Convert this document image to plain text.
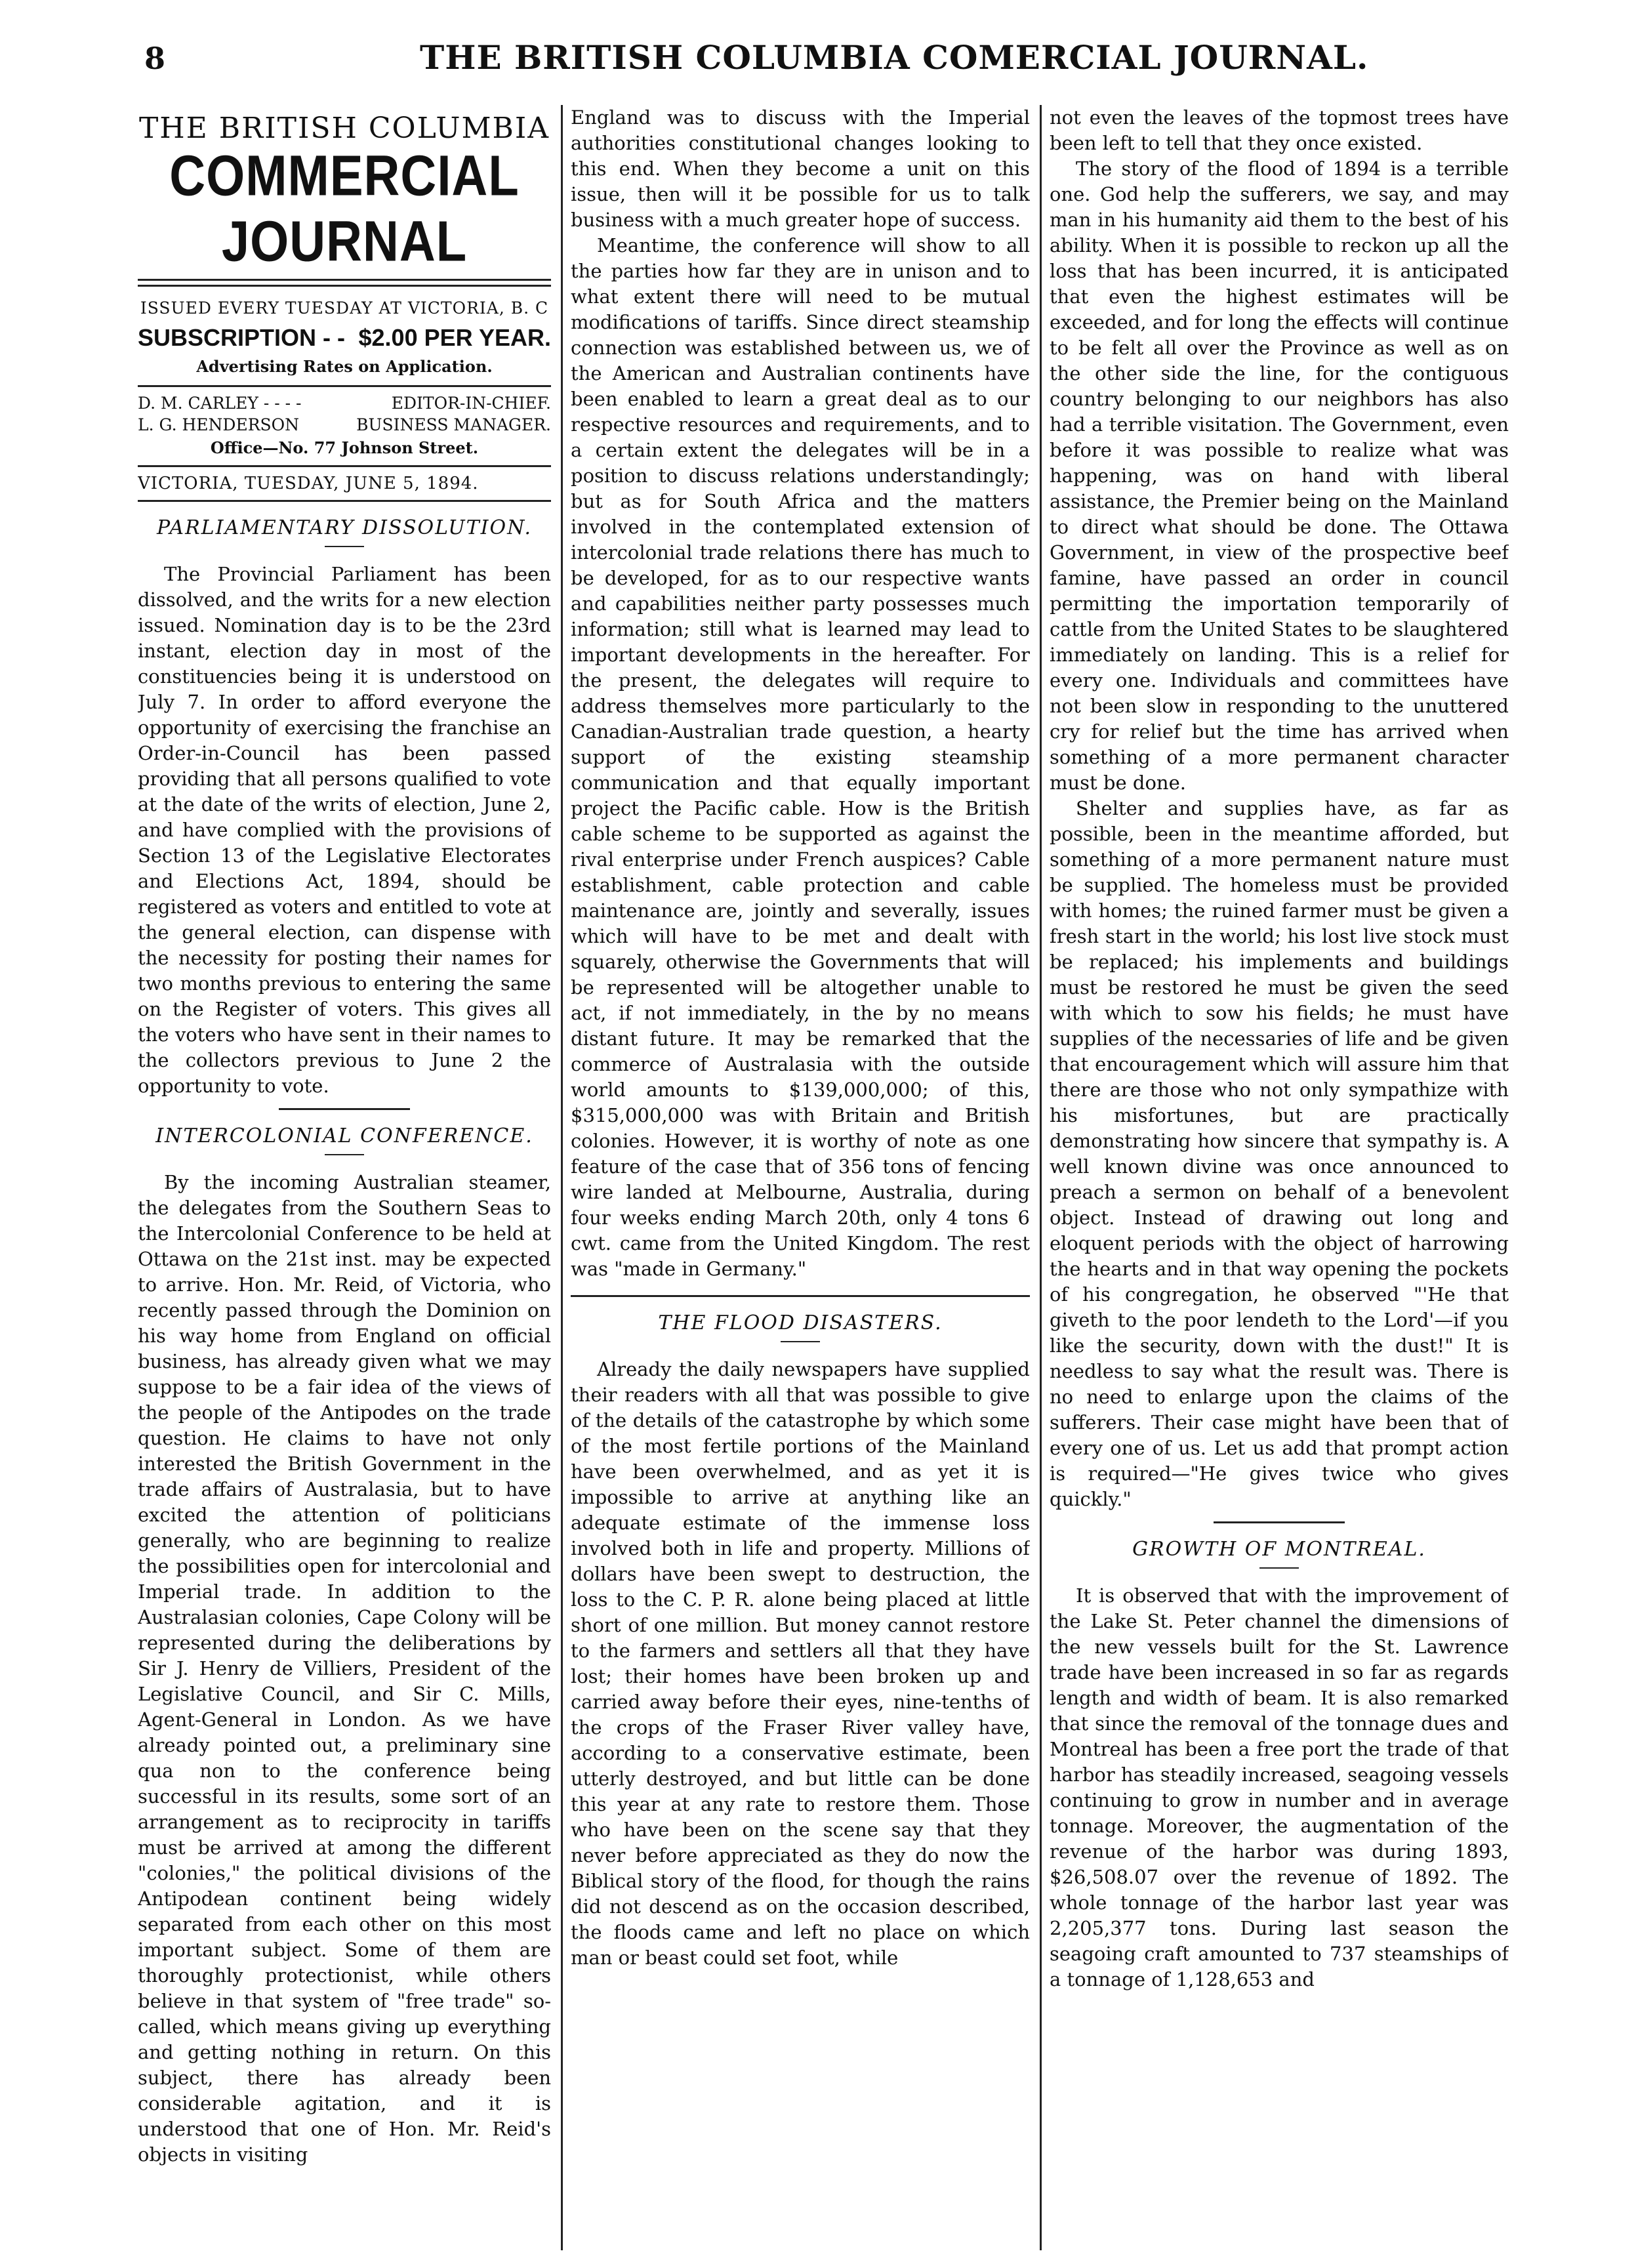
8	THE BRITISH COLUMBIA COMERCIAL JOURNAL.
THE BRITISH COLUMBIA
COMMERCIAL JOURNAL
ISSUED EVERY TUESDAY AT VICTORIA, B. C
SUBSCRIPTION - - $2.00 PER YEAR.
Advertising Rates on Application.
D. M. CARLEY - - - -	EDITOR-IN-CHIEF.
L. G. HENDERSON	BUSINESS MANAGER.
Office—No. 77 Johnson Street.
VICTORIA, TUESDAY, JUNE 5, 1894.
PARLIAMENTARY DISSOLUTION.

The Provincial Parliament has been dissolved, and the writs for a new election issued. Nomination day is to be the 23rd instant, election day in most of the constituencies being it is understood on July 7. In order to afford everyone the opportunity of exercising the franchise an Order-in-Council has been passed providing that all persons qualified to vote at the date of the writs of election, June 2, and have complied with the provisions of Section 13 of the Legislative Electorates and Elections Act, 1894, should be registered as voters and entitled to vote at the general election, can dispense with the necessity for posting their names for two months previous to entering the same on the Register of voters. This gives all the voters who have sent in their names to the collectors previous to June 2 the opportunity to vote.

INTERCOLONIAL CONFERENCE.

By the incoming Australian steamer, the delegates from the Southern Seas to the Intercolonial Conference to be held at Ottawa on the 21st inst. may be expected to arrive. Hon. Mr. Reid, of Victoria, who recently passed through the Dominion on his way home from England on official business, has already given what we may suppose to be a fair idea of the views of the people of the Antipodes on the trade question. He claims to have not only interested the British Government in the trade affairs of Australasia, but to have excited the attention of politicians generally, who are beginning to realize the possibilities open for intercolonial and Imperial trade. In addition to the Australasian colonies, Cape Colony will be represented during the deliberations by Sir J. Henry de Villiers, President of the Legislative Council, and Sir C. Mills, Agent-General in London. As we have already pointed out, a preliminary sine qua non to the conference being successful in its results, some sort of an arrangement as to reciprocity in tariffs must be arrived at among the different "colonies," the political divisions of the Antipodean continent being widely separated from each other on this most important subject. Some of them are thoroughly protectionist, while others believe in that system of "free trade" so-called, which means giving up everything and getting nothing in return. On this subject, there has already been considerable agitation, and it is understood that one of Hon. Mr. Reid's objects in visiting

England was to discuss with the Imperial authorities constitutional changes looking to this end. When they become a unit on this issue, then will it be possible for us to talk business with a much greater hope of success.

Meantime, the conference will show to all the parties how far they are in unison and to what extent there will need to be mutual modifications of tariffs. Since direct steamship connection was established between us, we of the American and Australian continents have been enabled to learn a great deal as to our respective resources and requirements, and to a certain extent the delegates will be in a position to discuss relations understandingly; but as for South Africa and the matters involved in the contemplated extension of intercolonial trade relations there has much to be developed, for as to our respective wants and capabilities neither party possesses much information; still what is learned may lead to important developments in the hereafter. For the present, the delegates will require to address themselves more particularly to the Canadian-Australian trade question, a hearty support of the existing steamship communication and that equally important project the Pacific cable. How is the British cable scheme to be supported as against the rival enterprise under French auspices? Cable establishment, cable protection and cable maintenance are, jointly and severally, issues which will have to be met and dealt with squarely, otherwise the Governments that will be represented will be altogether unable to act, if not immediately, in the by no means distant future. It may be remarked that the commerce of Australasia with the outside world amounts to $139,000,000; of this, $315,000,000 was with Britain and British colonies. However, it is worthy of note as one feature of the case that of 356 tons of fencing wire landed at Melbourne, Australia, during four weeks ending March 20th, only 4 tons 6 cwt. came from the United Kingdom. The rest was "made in Germany."

THE FLOOD DISASTERS.

Already the daily newspapers have supplied their readers with all that was possible to give of the details of the catastrophe by which some of the most fertile portions of the Mainland have been overwhelmed, and as yet it is impossible to arrive at anything like an adequate estimate of the immense loss involved both in life and property. Millions of dollars have been swept to destruction, the loss to the C. P. R. alone being placed at little short of one million. But money cannot restore to the farmers and settlers all that they have lost; their homes have been broken up and carried away before their eyes, nine-tenths of the crops of the Fraser River valley have, according to a conservative estimate, been utterly destroyed, and but little can be done this year at any rate to restore them. Those who have been on the scene say that they never before appreciated as they do now the Biblical story of the flood, for though the rains did not descend as on the occasion described, the floods came and left no place on which man or beast could set foot, while

not even the leaves of the topmost trees have been left to tell that they once existed.

The story of the flood of 1894 is a terrible one. God help the sufferers, we say, and may man in his humanity aid them to the best of his ability. When it is possible to reckon up all the loss that has been incurred, it is anticipated that even the highest estimates will be exceeded, and for long the effects will continue to be felt all over the Province as well as on the other side the line, for the contiguous country belonging to our neighbors has also had a terrible visitation. The Government, even before it was possible to realize what was happening, was on hand with liberal assistance, the Premier being on the Mainland to direct what should be done. The Ottawa Government, in view of the prospective beef famine, have passed an order in council permitting the importation temporarily of cattle from the United States to be slaughtered immediately on landing. This is a relief for every one. Individuals and committees have not been slow in responding to the unuttered cry for relief but the time has arrived when something of a more permanent character must be done.

Shelter and supplies have, as far as possible, been in the meantime afforded, but something of a more permanent nature must be supplied. The homeless must be provided with homes; the ruined farmer must be given a fresh start in the world; his lost live stock must be replaced; his implements and buildings must be restored he must be given the seed with which to sow his fields; he must have supplies of the necessaries of life and be given that encouragement which will assure him that there are those who not only sympathize with his misfortunes, but are practically demonstrating how sincere that sympathy is. A well known divine was once announced to preach a sermon on behalf of a benevolent object. Instead of drawing out long and eloquent periods with the object of harrowing the hearts and in that way opening the pockets of his congregation, he observed "'He that giveth to the poor lendeth to the Lord'—if you like the security, down with the dust!" It is needless to say what the result was. There is no need to enlarge upon the claims of the sufferers. Their case might have been that of every one of us. Let us add that prompt action is required—"He gives twice who gives quickly."

GROWTH OF MONTREAL.

It is observed that with the improvement of the Lake St. Peter channel the dimensions of the new vessels built for the St. Lawrence trade have been increased in so far as regards length and width of beam. It is also remarked that since the removal of the tonnage dues and Montreal has been a free port the trade of that harbor has steadily increased, seagoing vessels continuing to grow in number and in average tonnage. Moreover, the augmentation of the revenue of the harbor was during 1893, $26,508.07 over the revenue of 1892. The whole tonnage of the harbor last year was 2,205,377 tons. During last season the seagoing craft amounted to 737 steamships of a tonnage of 1,128,653 and
